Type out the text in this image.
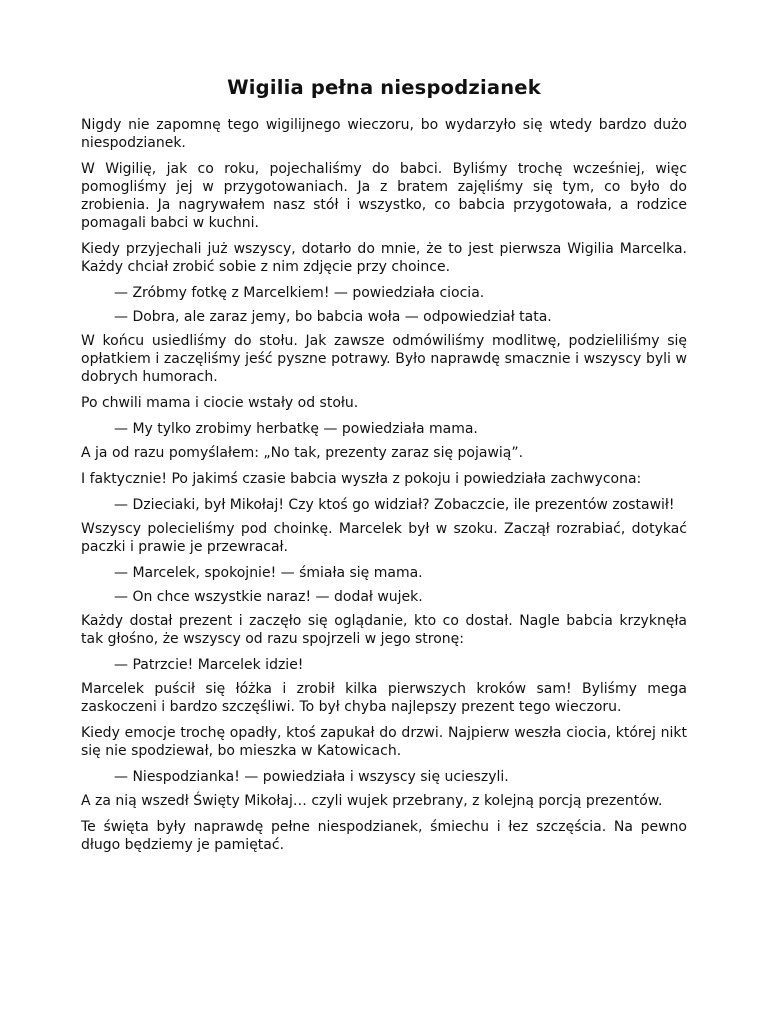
Wigilia pełna niespodzianek

Nigdy nie zapomnę tego wigilijnego wieczoru, bo wydarzyło się wtedy bardzo dużo niespodzianek.

W Wigilię, jak co roku, pojechaliśmy do babci. Byliśmy trochę wcześniej, więc pomogliśmy jej w przygotowaniach. Ja z bratem zajęliśmy się tym, co było do zrobienia. Ja nagrywałem nasz stół i wszystko, co babcia przygotowała, a rodzice pomagali babci w kuchni.

Kiedy przyjechali już wszyscy, dotarło do mnie, że to jest pierwsza Wigilia Marcelka. Każdy chciał zrobić sobie z nim zdjęcie przy choince.

— Zróbmy fotkę z Marcelkiem! — powiedziała ciocia.

— Dobra, ale zaraz jemy, bo babcia woła — odpowiedział tata.

W końcu usiedliśmy do stołu. Jak zawsze odmówiliśmy modlitwę, podzieliliśmy się opłatkiem i zaczęliśmy jeść pyszne potrawy. Było naprawdę smacznie i wszyscy byli w dobrych humorach.

Po chwili mama i ciocie wstały od stołu.

— My tylko zrobimy herbatkę — powiedziała mama.

A ja od razu pomyślałem: „No tak, prezenty zaraz się pojawią”.

I faktycznie! Po jakimś czasie babcia wyszła z pokoju i powiedziała zachwycona:

— Dzieciaki, był Mikołaj! Czy ktoś go widział? Zobaczcie, ile prezentów zostawił!

Wszyscy polecieliśmy pod choinkę. Marcelek był w szoku. Zaczął rozrabiać, dotykać paczki i prawie je przewracał.

— Marcelek, spokojnie! — śmiała się mama.

— On chce wszystkie naraz! — dodał wujek.

Każdy dostał prezent i zaczęło się oglądanie, kto co dostał. Nagle babcia krzyknęła tak głośno, że wszyscy od razu spojrzeli w jego stronę:

— Patrzcie! Marcelek idzie!

Marcelek puścił się łóżka i zrobił kilka pierwszych kroków sam! Byliśmy mega zaskoczeni i bardzo szczęśliwi. To był chyba najlepszy prezent tego wieczoru.

Kiedy emocje trochę opadły, ktoś zapukał do drzwi. Najpierw weszła ciocia, której nikt się nie spodziewał, bo mieszka w Katowicach.

— Niespodzianka! — powiedziała i wszyscy się ucieszyli.

A za nią wszedł Święty Mikołaj… czyli wujek przebrany, z kolejną porcją prezentów.

Te święta były naprawdę pełne niespodzianek, śmiechu i łez szczęścia. Na pewno długo będziemy je pamiętać.
